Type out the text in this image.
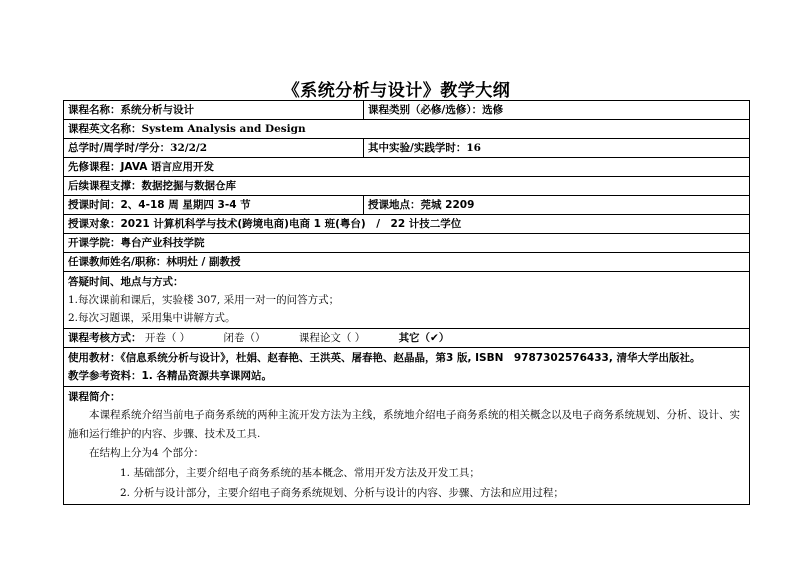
《系统分析与设计》教学大纲
课程名称：系统分析与设计	课程类别（必修/选修）：选修
课程英文名称：System Analysis and Design	
总学时/周学时/学分：32/2/2	其中实验/实践学时：16
先修课程：JAVA 语言应用开发	
后续课程支撑：数据挖掘与数据仓库	
授课时间：2、4-18 周 星期四 3-4 节	授课地点：莞城 2209
授课对象：2021 计算机科学与技术(跨境电商)电商 1 班(粤台)　/　22 计技二学位	
开课学院：粤台产业科技学院	
任课教师姓名/职称：林明灶 / 副教授	

答疑时间、地点与方式：
1.每次课前和课后，实验楼 307, 采用一对一的问答方式；
2.每次习题课，采用集中讲解方式。	

课程考核方式： 开卷（ ） 闭卷（） 课程论文（ ） 其它（✔）	

使用教材：《信息系统分析与设计》，杜娟、赵春艳、王洪英、屠春艳、赵晶晶，第3 版, ISBN　9787302576433, 清华大学出版社。
教学参考资料：1. 各精品资源共享课网站。	

课程简介：
本课程系统介绍当前电子商务系统的两种主流开发方法为主线，系统地介绍电子商务系统的相关概念以及电子商务系统规划、分析、设计、实施和运行维护的内容、步骤、技术及工具.
在结构上分为4 个部分：
1. 基础部分，主要介绍电子商务系统的基本概念、常用开发方法及开发工具；
2. 分析与设计部分，主要介绍电子商务系统规划、分析与设计的内容、步骤、方法和应用过程；	
